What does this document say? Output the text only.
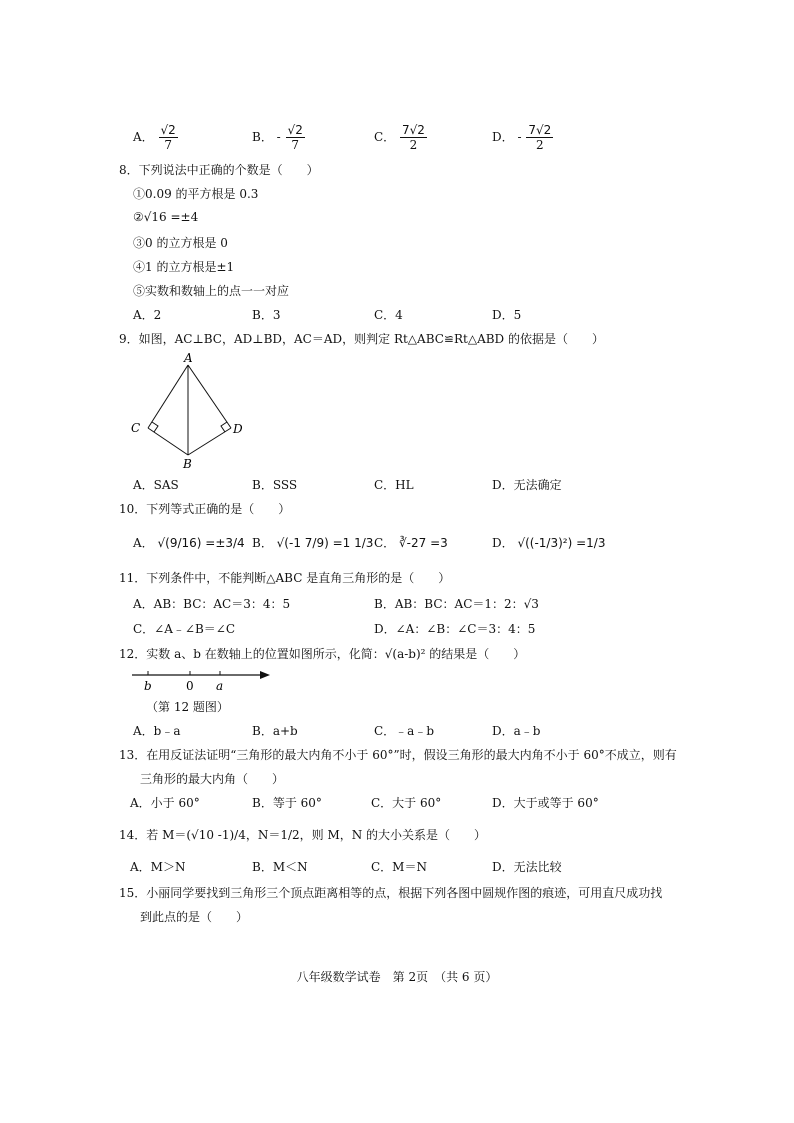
A． $\frac{√2}{7}$	B． - $\frac{√2}{7}$	C． $\frac{7√2}{2}$	D． - $\frac{7√2}{2}$
8．下列说法中正确的个数是（　　）
①0.09 的平方根是 0.3
②√16 =±4
③0 的立方根是 0
④1 的立方根是±1
⑤实数和数轴上的点一一对应
A．2	B．3	C．4	D．5
9．如图，AC⊥BC，AD⊥BD，AC＝AD，则判定 Rt△ABC≌Rt△ABD 的依据是（　　）
A
C	D
B
A．SAS	B．SSS	C．HL	D．无法确定
10．下列等式正确的是（　　）
A． √(9/16) =±3/4 B． √(-1 7/9) =1 1/3 C． ∛-27 =3	D． √((-1/3)²) =1/3
11．下列条件中，不能判断△ABC 是直角三角形的是（　　）
A．AB：BC：AC＝3：4：5	B．AB：BC：AC＝1：2：√3
C．∠A﹣∠B＝∠C	D．∠A：∠B：∠C＝3：4：5
12．实数 a、b 在数轴上的位置如图所示，化简：√(a-b)² 的结果是（　　）
b	0 a
（第 12 题图）
A．b﹣a	B．a+b	C．﹣a﹣b	D．a﹣b
13．在用反证法证明“三角形的最大内角不小于 60°”时，假设三角形的最大内角不小于 60°不成立，则有
三角形的最大内角（　　）
A．小于 60°	B．等于 60°	C．大于 60°	D．大于或等于 60°
14．若 M＝(√10 -1)/4，N＝1/2，则 M，N 的大小关系是（　　）
A．M＞N	B．M＜N	C．M＝N	D．无法比较
15．小丽同学要找到三角形三个顶点距离相等的点，根据下列各图中圆规作图的痕迹，可用直尺成功找
到此点的是（　　）
八年级数学试卷　第 2页　（共 6 页）
